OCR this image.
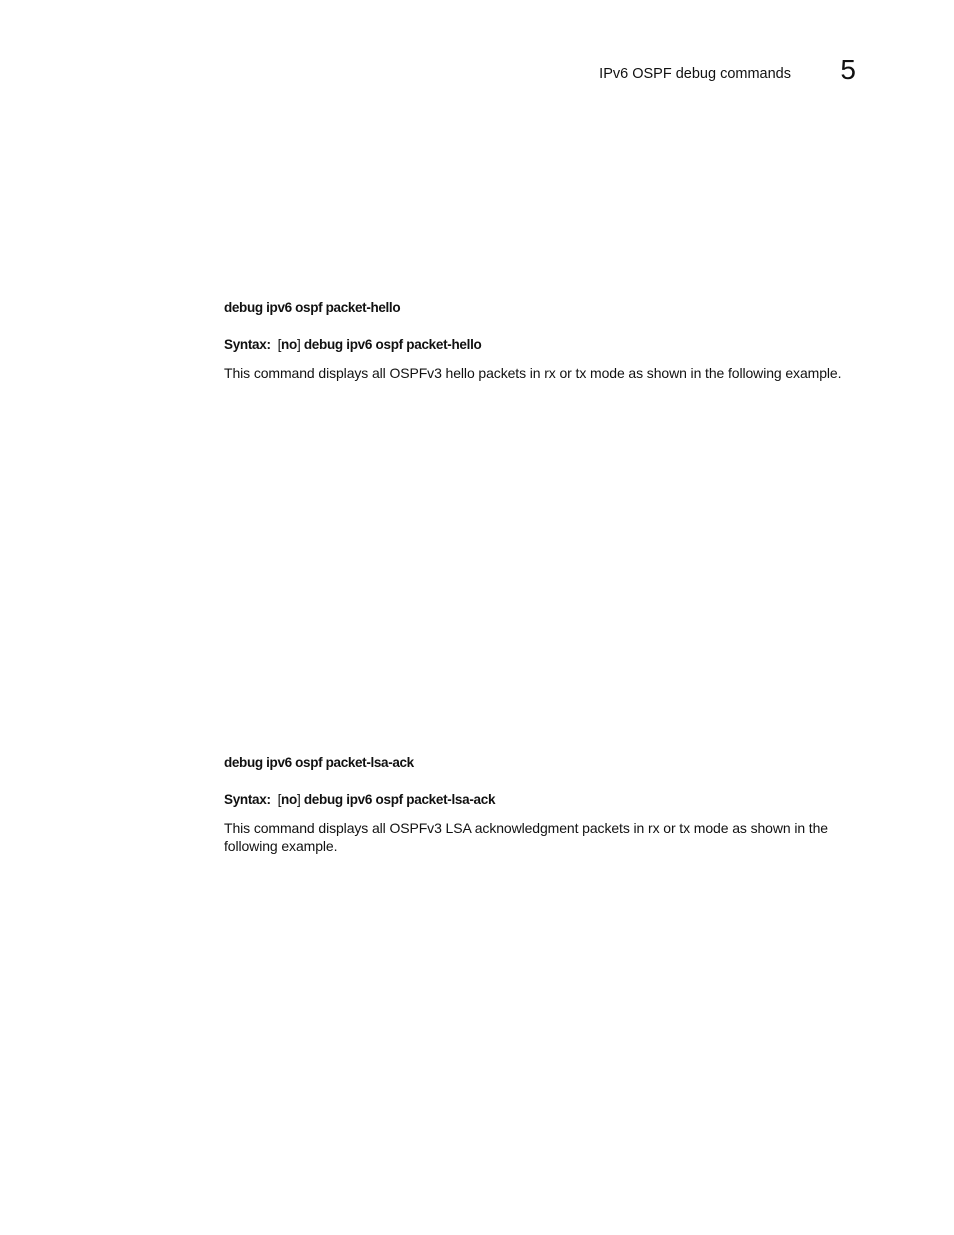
IPv6 OSPF debug commands 5
debug ipv6 ospf packet-hello

Syntax: [no] debug ipv6 ospf packet-hello

This command displays all OSPFv3 hello packets in rx or tx mode as shown in the following example.

debug ipv6 ospf packet-lsa-ack

Syntax: [no] debug ipv6 ospf packet-lsa-ack

This command displays all OSPFv3 LSA acknowledgment packets in rx or tx mode as shown in the following example.
